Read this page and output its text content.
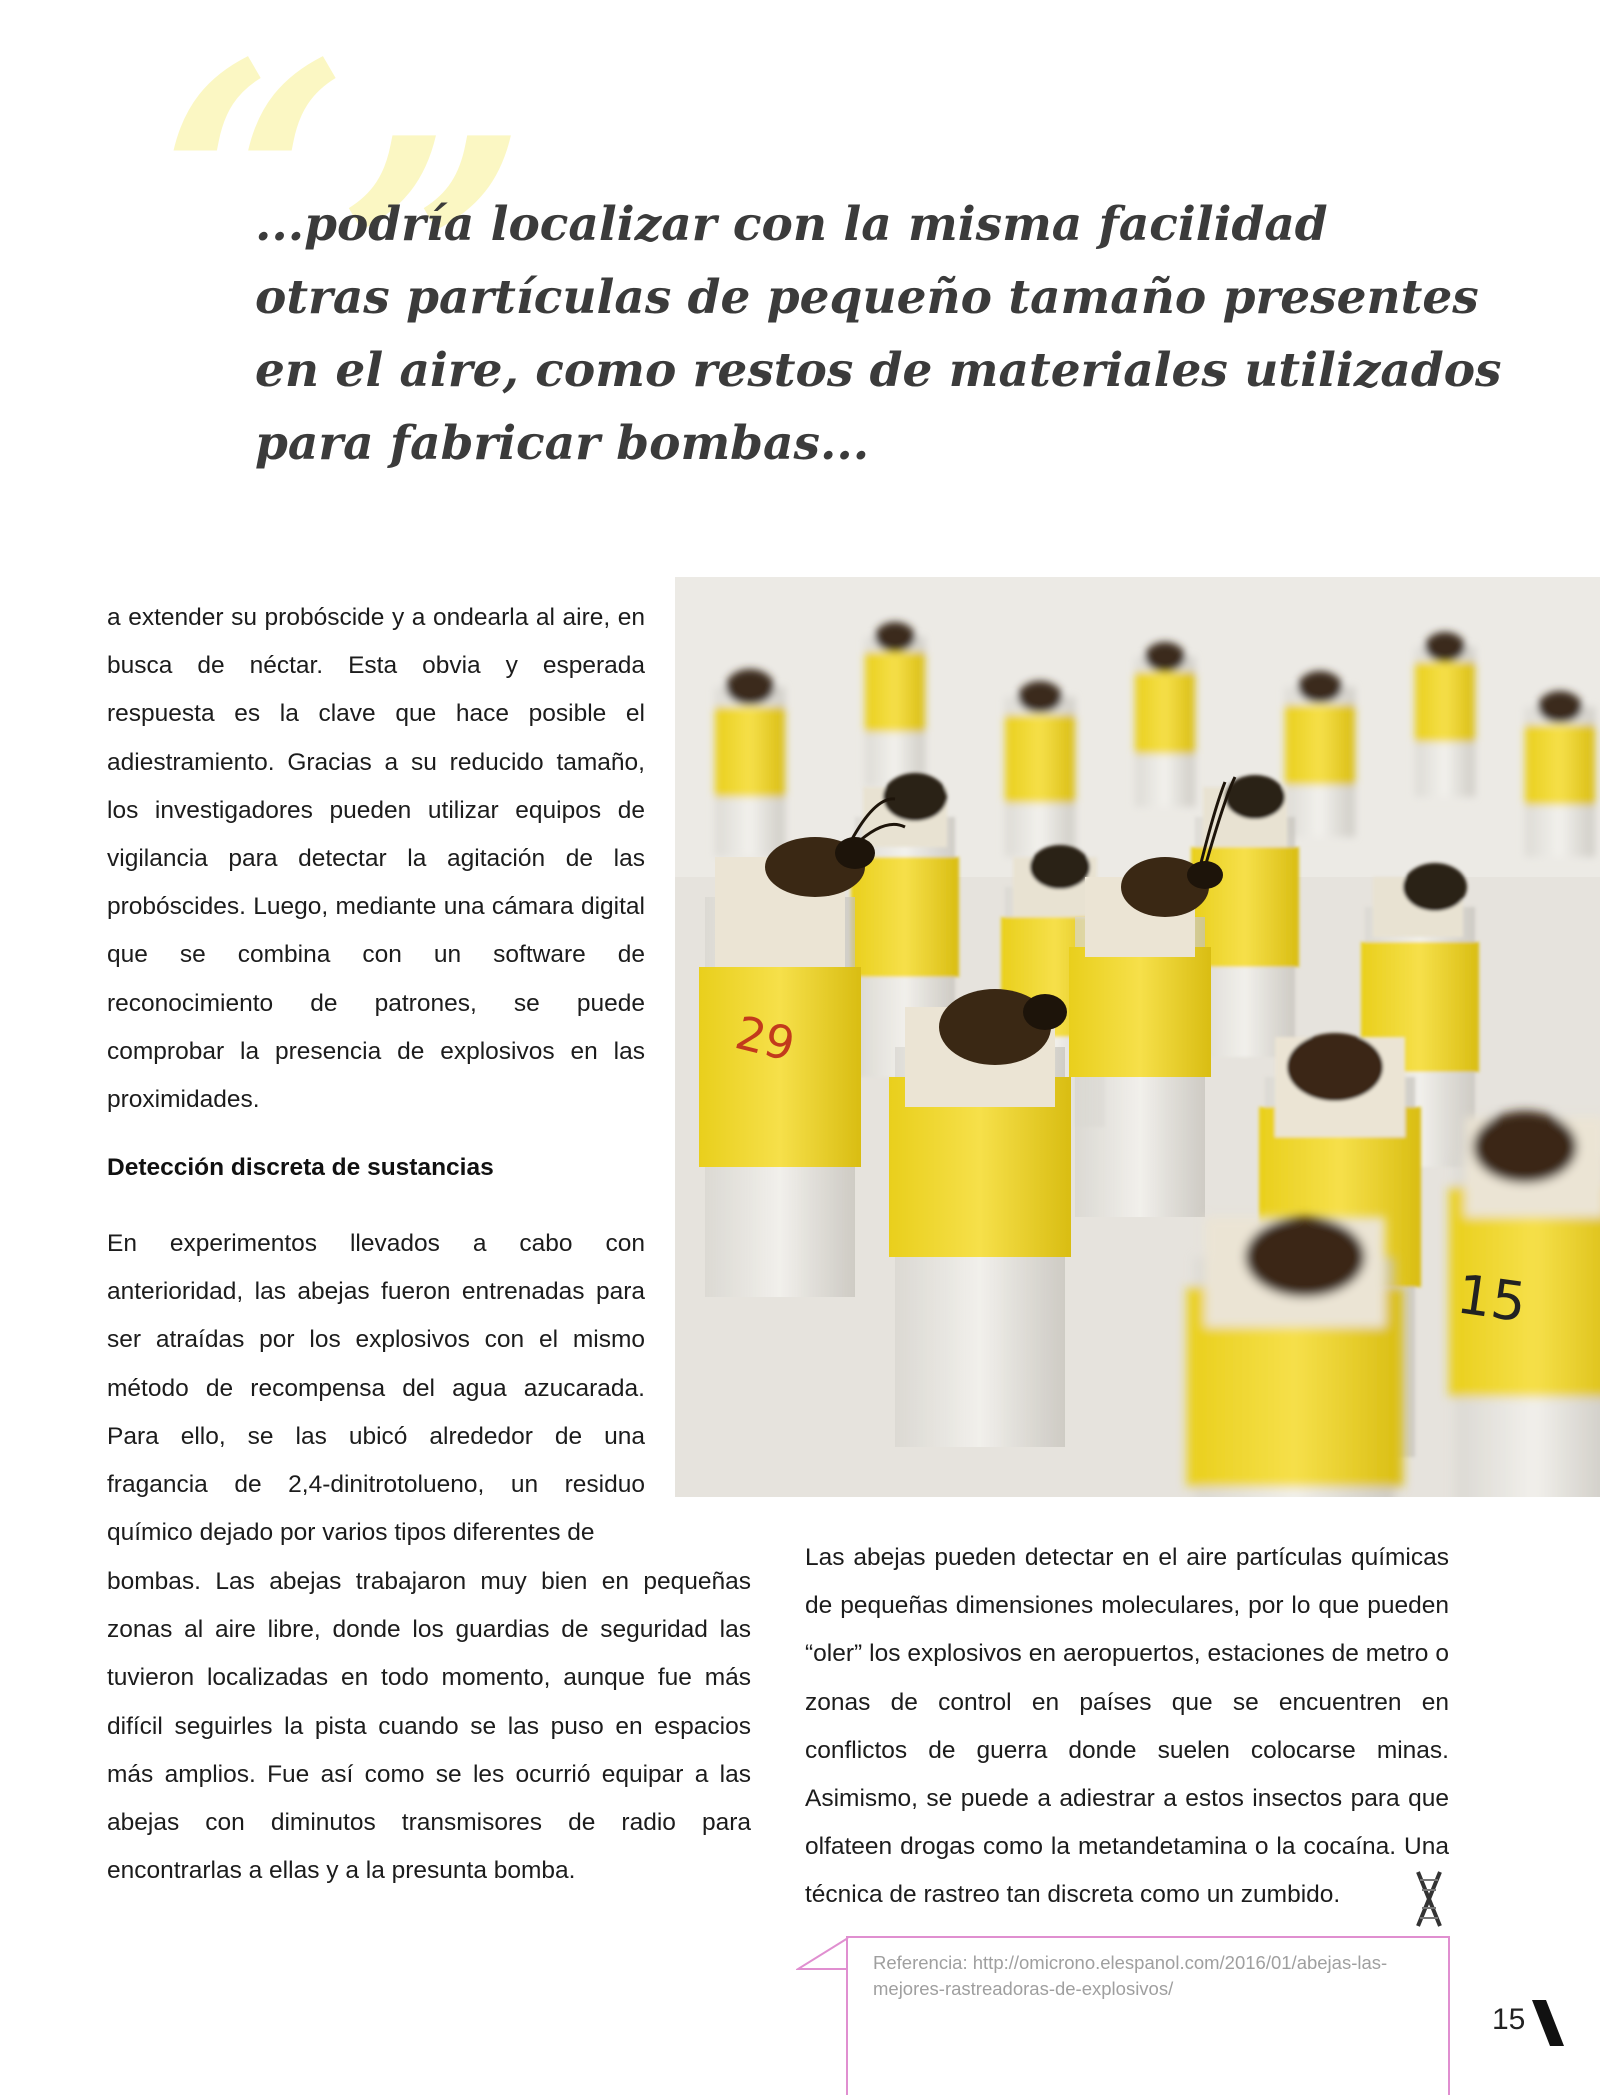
“
”
...podría localizar con la misma facilidad
otras partículas de pequeño tamaño presentes
en el aire, como restos de materiales utilizados
para fabricar bombas...
29
15

a extender su probóscide y a ondearla al aire, en busca de néctar. Esta obvia y esperada respuesta es la clave que hace posible el adiestramiento. Gracias a su reducido tamaño, los investigadores pueden utilizar equipos de vigilancia para detectar la agitación de las probóscides. Luego, mediante una cámara digital que se combina con un software de reconocimiento de patrones, se puede comprobar la presencia de explosivos en las proximidades.

Detección discreta de sustancias

En experimentos llevados a cabo con anterioridad, las abejas fueron entrenadas para ser atraídas por los explosivos con el mismo método de recompensa del agua azucarada. Para ello, se las ubicó alrededor de una fragancia de 2,4-dinitrotolueno, un residuo químico dejado por varios tipos diferentes de

bombas. Las abejas trabajaron muy bien en pequeñas zonas al aire libre, donde los guardias de seguridad las tuvieron localizadas en todo momento, aunque fue más difícil seguirles la pista cuando se las puso en espacios más amplios. Fue así como se les ocurrió equipar a las abejas con diminutos transmisores de radio para encontrarlas a ellas y a la presunta bomba.

Las abejas pueden detectar en el aire partículas químicas de pequeñas dimensiones moleculares, por lo que pueden “oler” los explosivos en aeropuertos, estaciones de metro o zonas de control en países que se encuentren en conflictos de guerra donde suelen colocarse minas. Asimismo, se puede a adiestrar a estos insectos para que olfateen drogas como la metandetamina o la cocaína. Una técnica de rastreo tan discreta como un zumbido.

Referencia: http://omicrono.elespanol.com/2016/01/abejas-las-mejores-rastreadoras-de-explosivos/

15
